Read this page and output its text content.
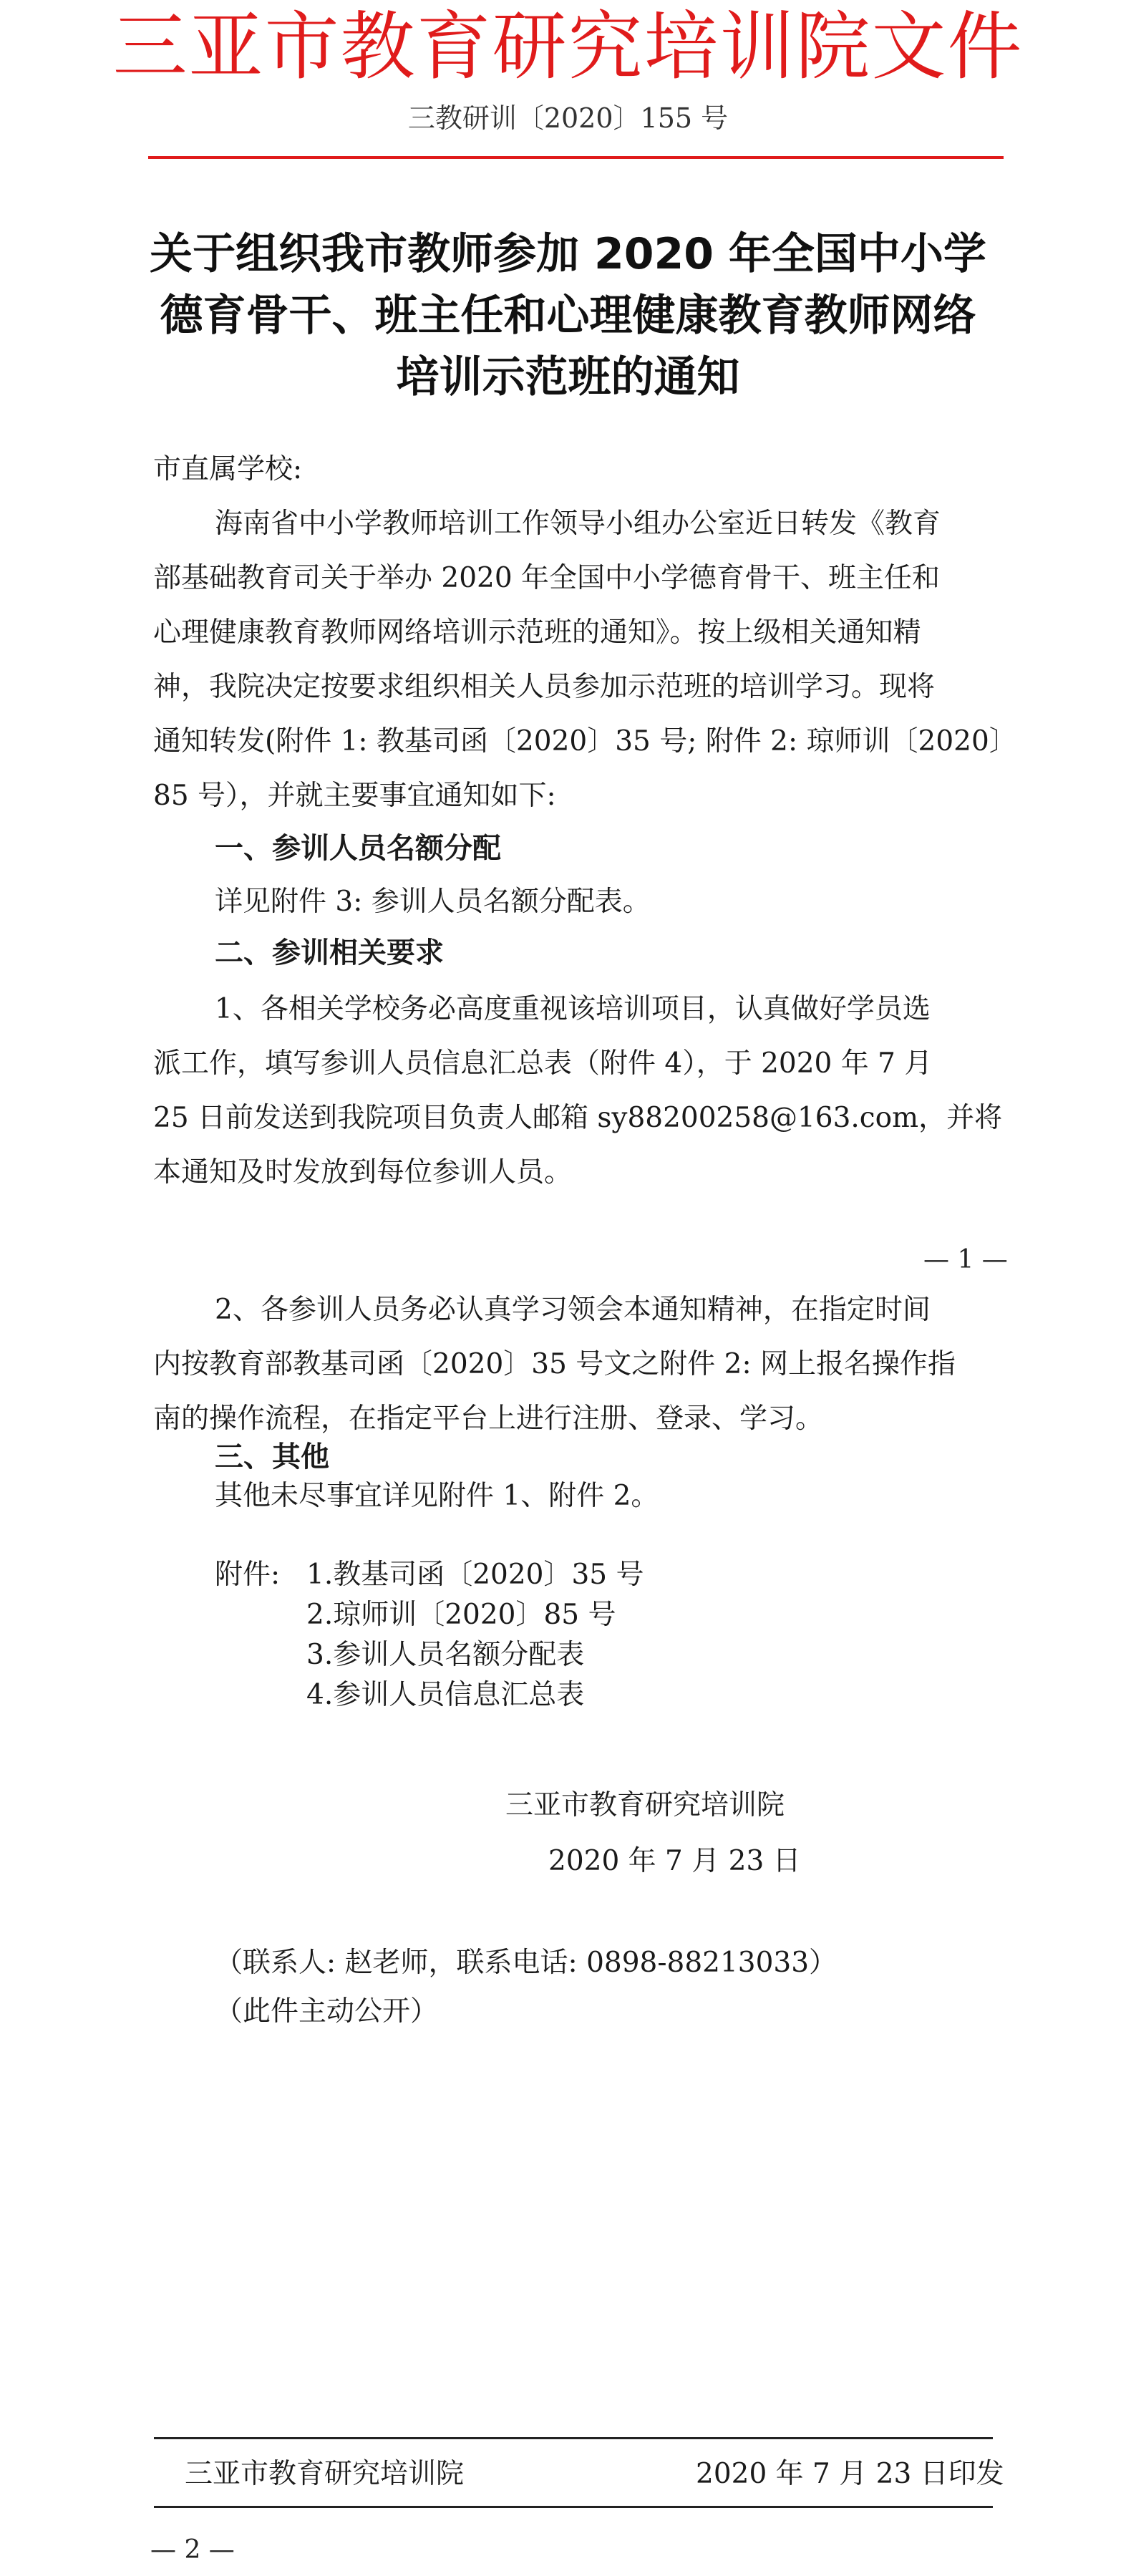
三亚市教育研究培训院文件
三教研训〔2020〕155 号
关于组织我市教师参加 2020 年全国中小学
德育骨干、班主任和心理健康教育教师网络
培训示范班的通知
市直属学校:
海南省中小学教师培训工作领导小组办公室近日转发《教育
部基础教育司关于举办 2020 年全国中小学德育骨干、班主任和
心理健康教育教师网络培训示范班的通知》。按上级相关通知精
神，我院决定按要求组织相关人员参加示范班的培训学习。现将
通知转发(附件 1: 教基司函〔2020〕35 号; 附件 2: 琼师训〔2020〕
85 号），并就主要事宜通知如下:
一、参训人员名额分配
详见附件 3: 参训人员名额分配表。
二、参训相关要求
1、各相关学校务必高度重视该培训项目，认真做好学员选
派工作，填写参训人员信息汇总表（附件 4），于 2020 年 7 月
25 日前发送到我院项目负责人邮箱 sy88200258@163.com，并将
本通知及时发放到每位参训人员。
— 1 —
2、各参训人员务必认真学习领会本通知精神，在指定时间
内按教育部教基司函〔2020〕35 号文之附件 2: 网上报名操作指
南的操作流程，在指定平台上进行注册、登录、学习。
三、其他
其他未尽事宜详见附件 1、附件 2。
附件: 1.教基司函〔2020〕35 号
2.琼师训〔2020〕85 号
3.参训人员名额分配表
4.参训人员信息汇总表
三亚市教育研究培训院
2020 年 7 月 23 日
（联系人: 赵老师，联系电话: 0898-88213033）
（此件主动公开）
三亚市教育研究培训院	2020 年 7 月 23 日印发
— 2 —
